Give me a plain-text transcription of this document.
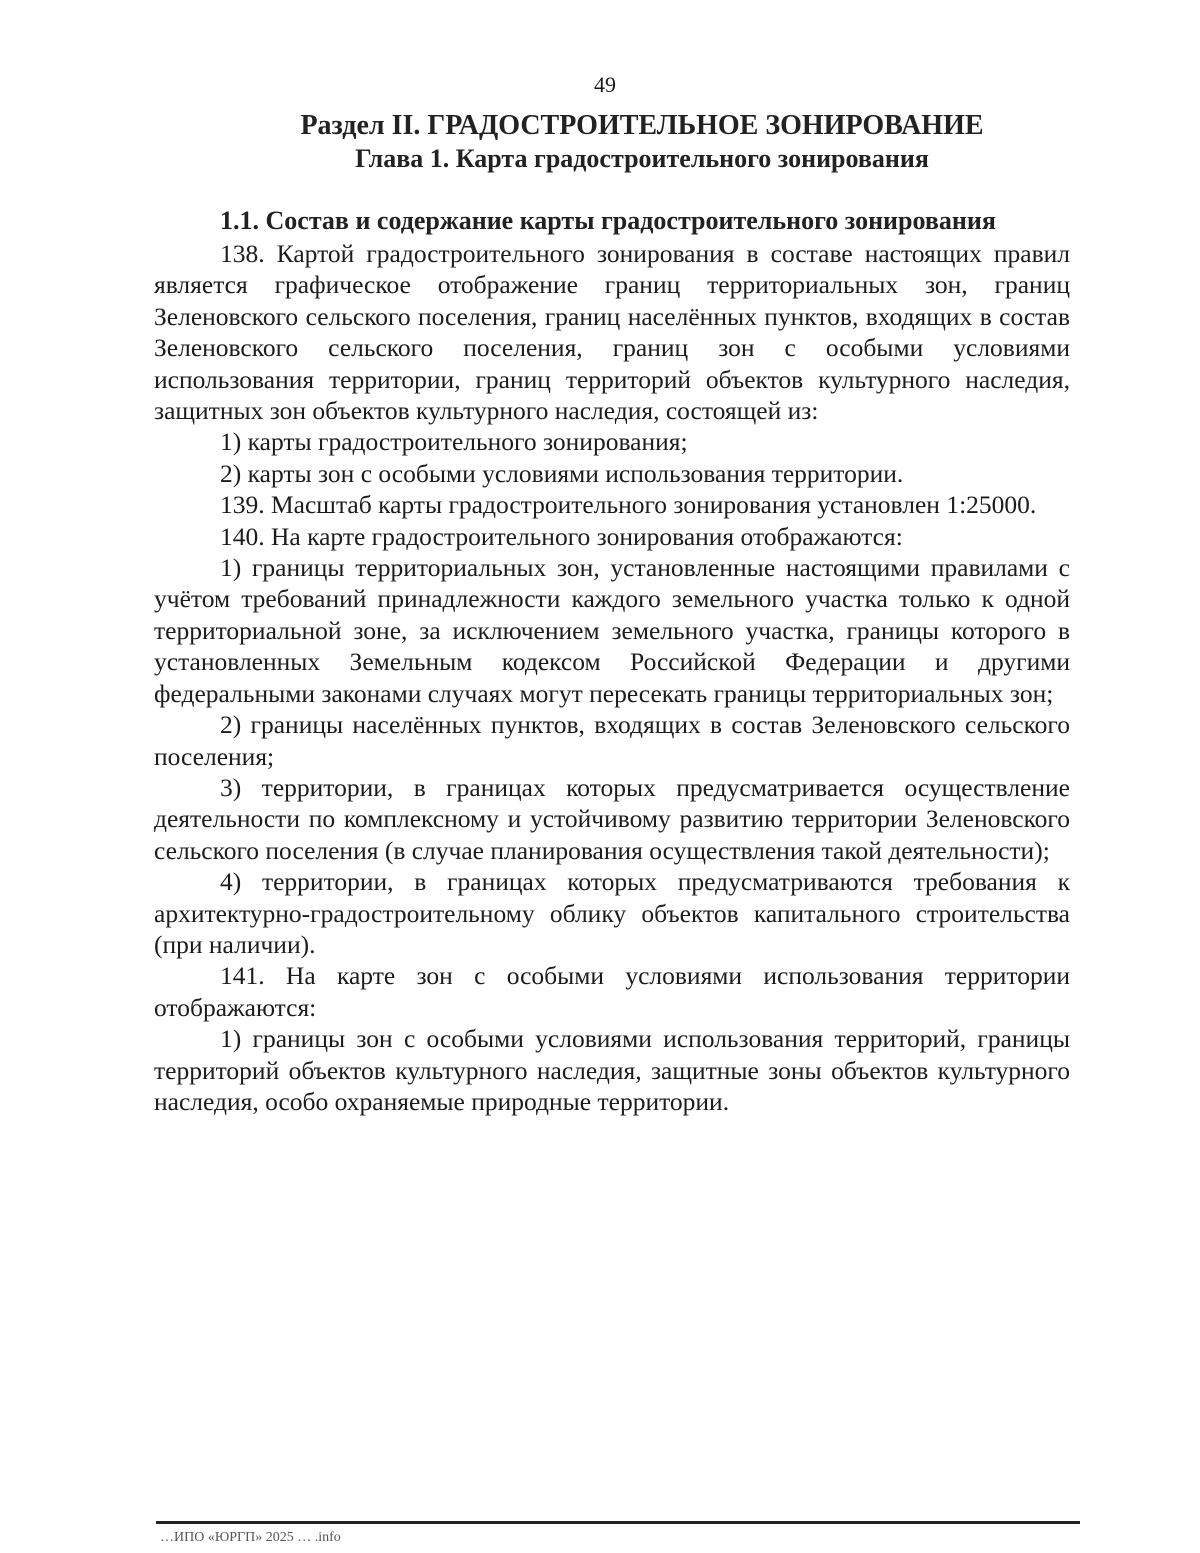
49
Раздел II. ГРАДОСТРОИТЕЛЬНОЕ ЗОНИРОВАНИЕ
Глава 1. Карта градостроительного зонирования
1.1. Состав и содержание карты градостроительного зонирования

138. Картой градостроительного зонирования в составе настоящих правил является графическое отображение границ территориальных зон, границ Зеленовского сельского поселения, границ населённых пунктов, входящих в состав Зеленовского сельского поселения, границ зон с особыми условиями использования территории, границ территорий объектов культурного наследия, защитных зон объектов культурного наследия, состоящей из:

1) карты градостроительного зонирования;

2) карты зон с особыми условиями использования территории.

139. Масштаб карты градостроительного зонирования установлен 1:25000.

140. На карте градостроительного зонирования отображаются:

1) границы территориальных зон, установленные настоящими правилами с учётом требований принадлежности каждого земельного участка только к одной территориальной зоне, за исключением земельного участка, границы которого в установленных Земельным кодексом Российской Федерации и другими федеральными законами случаях могут пересекать границы территориальных зон;

2) границы населённых пунктов, входящих в состав Зеленовского сельского поселения;

3) территории, в границах которых предусматривается осуществление деятельности по комплексному и устойчивому развитию территории Зеленовского сельского поселения (в случае планирования осуществления такой деятельности);

4) территории, в границах которых предусматриваются требования к архитектурно-градостроительному облику объектов капитального строительства (при наличии).

141. На карте зон с особыми условиями использования территории отображаются:

1) границы зон с особыми условиями использования территорий, границы территорий объектов культурного наследия, защитные зоны объектов культурного наследия, особо охраняемые природные территории.

…ИПО «ЮРГП» 2025 … .info
